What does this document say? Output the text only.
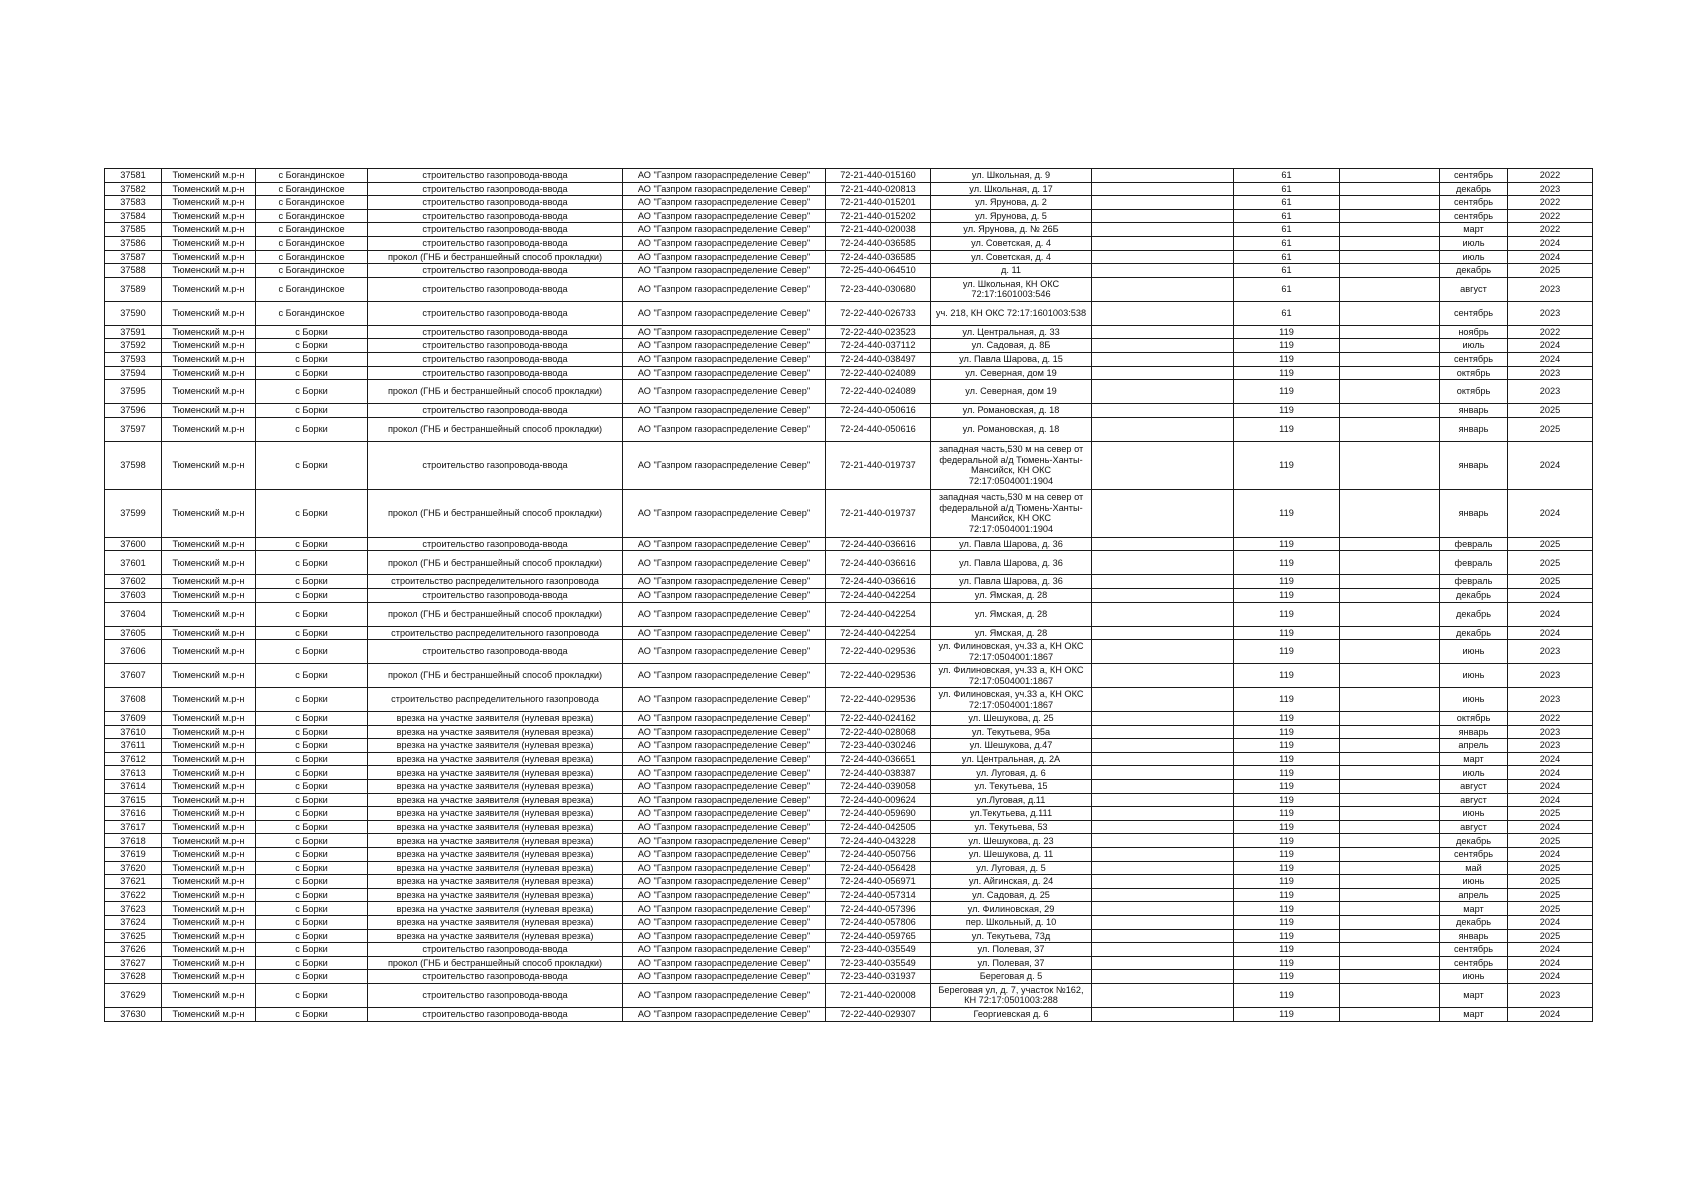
37581	Тюменский м.р-н	с Богандинское	строительство газопровода-ввода	АО "Газпром газораспределение Север"	72-21-440-015160	ул. Школьная, д. 9		61		сентябрь	2022
37582	Тюменский м.р-н	с Богандинское	строительство газопровода-ввода	АО "Газпром газораспределение Север"	72-21-440-020813	ул. Школьная, д. 17		61		декабрь	2023
37583	Тюменский м.р-н	с Богандинское	строительство газопровода-ввода	АО "Газпром газораспределение Север"	72-21-440-015201	ул. Ярунова, д. 2		61		сентябрь	2022
37584	Тюменский м.р-н	с Богандинское	строительство газопровода-ввода	АО "Газпром газораспределение Север"	72-21-440-015202	ул. Ярунова, д. 5		61		сентябрь	2022
37585	Тюменский м.р-н	с Богандинское	строительство газопровода-ввода	АО "Газпром газораспределение Север"	72-21-440-020038	ул. Ярунова, д. № 26Б		61		март	2022
37586	Тюменский м.р-н	с Богандинское	строительство газопровода-ввода	АО "Газпром газораспределение Север"	72-24-440-036585	ул. Советская, д. 4		61		июль	2024
37587	Тюменский м.р-н	с Богандинское	прокол (ГНБ и бестраншейный способ прокладки)	АО "Газпром газораспределение Север"	72-24-440-036585	ул. Советская, д. 4		61		июль	2024
37588	Тюменский м.р-н	с Богандинское	строительство газопровода-ввода	АО "Газпром газораспределение Север"	72-25-440-064510	д. 11		61		декабрь	2025
37589	Тюменский м.р-н	с Богандинское	строительство газопровода-ввода	АО "Газпром газораспределение Север"	72-23-440-030680	ул. Школьная, КН ОКС 72:17:1601003:546		61		август	2023
37590	Тюменский м.р-н	с Богандинское	строительство газопровода-ввода	АО "Газпром газораспределение Север"	72-22-440-026733	уч. 218, КН ОКС 72:17:1601003:538		61		сентябрь	2023
37591	Тюменский м.р-н	с Борки	строительство газопровода-ввода	АО "Газпром газораспределение Север"	72-22-440-023523	ул. Центральная, д. 33		119		ноябрь	2022
37592	Тюменский м.р-н	с Борки	строительство газопровода-ввода	АО "Газпром газораспределение Север"	72-24-440-037112	ул. Садовая, д. 8Б		119		июль	2024
37593	Тюменский м.р-н	с Борки	строительство газопровода-ввода	АО "Газпром газораспределение Север"	72-24-440-038497	ул. Павла Шарова, д. 15		119		сентябрь	2024
37594	Тюменский м.р-н	с Борки	строительство газопровода-ввода	АО "Газпром газораспределение Север"	72-22-440-024089	ул. Северная, дом 19		119		октябрь	2023
37595	Тюменский м.р-н	с Борки	прокол (ГНБ и бестраншейный способ прокладки)	АО "Газпром газораспределение Север"	72-22-440-024089	ул. Северная, дом 19		119		октябрь	2023
37596	Тюменский м.р-н	с Борки	строительство газопровода-ввода	АО "Газпром газораспределение Север"	72-24-440-050616	ул. Романовская, д. 18		119		январь	2025
37597	Тюменский м.р-н	с Борки	прокол (ГНБ и бестраншейный способ прокладки)	АО "Газпром газораспределение Север"	72-24-440-050616	ул. Романовская, д. 18		119		январь	2025
37598	Тюменский м.р-н	с Борки	строительство газопровода-ввода	АО "Газпром газораспределение Север"	72-21-440-019737	западная часть,530 м на север от федеральной а/д Тюмень-Ханты-Мансийск, КН ОКС 72:17:0504001:1904		119		январь	2024
37599	Тюменский м.р-н	с Борки	прокол (ГНБ и бестраншейный способ прокладки)	АО "Газпром газораспределение Север"	72-21-440-019737	западная часть,530 м на север от федеральной а/д Тюмень-Ханты-Мансийск, КН ОКС 72:17:0504001:1904		119		январь	2024
37600	Тюменский м.р-н	с Борки	строительство газопровода-ввода	АО "Газпром газораспределение Север"	72-24-440-036616	ул. Павла Шарова, д. 36		119		февраль	2025
37601	Тюменский м.р-н	с Борки	прокол (ГНБ и бестраншейный способ прокладки)	АО "Газпром газораспределение Север"	72-24-440-036616	ул. Павла Шарова, д. 36		119		февраль	2025
37602	Тюменский м.р-н	с Борки	строительство распределительного газопровода	АО "Газпром газораспределение Север"	72-24-440-036616	ул. Павла Шарова, д. 36		119		февраль	2025
37603	Тюменский м.р-н	с Борки	строительство газопровода-ввода	АО "Газпром газораспределение Север"	72-24-440-042254	ул. Ямская, д. 28		119		декабрь	2024
37604	Тюменский м.р-н	с Борки	прокол (ГНБ и бестраншейный способ прокладки)	АО "Газпром газораспределение Север"	72-24-440-042254	ул. Ямская, д. 28		119		декабрь	2024
37605	Тюменский м.р-н	с Борки	строительство распределительного газопровода	АО "Газпром газораспределение Север"	72-24-440-042254	ул. Ямская, д. 28		119		декабрь	2024
37606	Тюменский м.р-н	с Борки	строительство газопровода-ввода	АО "Газпром газораспределение Север"	72-22-440-029536	ул. Филиновская, уч.33 а, КН ОКС 72:17:0504001:1867		119		июнь	2023
37607	Тюменский м.р-н	с Борки	прокол (ГНБ и бестраншейный способ прокладки)	АО "Газпром газораспределение Север"	72-22-440-029536	ул. Филиновская, уч.33 а, КН ОКС 72:17:0504001:1867		119		июнь	2023
37608	Тюменский м.р-н	с Борки	строительство распределительного газопровода	АО "Газпром газораспределение Север"	72-22-440-029536	ул. Филиновская, уч.33 а, КН ОКС 72:17:0504001:1867		119		июнь	2023
37609	Тюменский м.р-н	с Борки	врезка на участке заявителя (нулевая врезка)	АО "Газпром газораспределение Север"	72-22-440-024162	ул. Шешукова, д. 25		119		октябрь	2022
37610	Тюменский м.р-н	с Борки	врезка на участке заявителя (нулевая врезка)	АО "Газпром газораспределение Север"	72-22-440-028068	ул. Текутьева, 95а		119		январь	2023
37611	Тюменский м.р-н	с Борки	врезка на участке заявителя (нулевая врезка)	АО "Газпром газораспределение Север"	72-23-440-030246	ул. Шешукова, д.47		119		апрель	2023
37612	Тюменский м.р-н	с Борки	врезка на участке заявителя (нулевая врезка)	АО "Газпром газораспределение Север"	72-24-440-036651	ул. Центральная, д. 2А		119		март	2024
37613	Тюменский м.р-н	с Борки	врезка на участке заявителя (нулевая врезка)	АО "Газпром газораспределение Север"	72-24-440-038387	ул. Луговая, д. 6		119		июль	2024
37614	Тюменский м.р-н	с Борки	врезка на участке заявителя (нулевая врезка)	АО "Газпром газораспределение Север"	72-24-440-039058	ул. Текутьева, 15		119		август	2024
37615	Тюменский м.р-н	с Борки	врезка на участке заявителя (нулевая врезка)	АО "Газпром газораспределение Север"	72-24-440-009624	ул.Луговая, д.11		119		август	2024
37616	Тюменский м.р-н	с Борки	врезка на участке заявителя (нулевая врезка)	АО "Газпром газораспределение Север"	72-24-440-059690	ул.Текутьева, д.111		119		июнь	2025
37617	Тюменский м.р-н	с Борки	врезка на участке заявителя (нулевая врезка)	АО "Газпром газораспределение Север"	72-24-440-042505	ул. Текутьева, 53		119		август	2024
37618	Тюменский м.р-н	с Борки	врезка на участке заявителя (нулевая врезка)	АО "Газпром газораспределение Север"	72-24-440-043228	ул. Шешукова, д. 23		119		декабрь	2025
37619	Тюменский м.р-н	с Борки	врезка на участке заявителя (нулевая врезка)	АО "Газпром газораспределение Север"	72-24-440-050756	ул. Шешукова, д. 11		119		сентябрь	2024
37620	Тюменский м.р-н	с Борки	врезка на участке заявителя (нулевая врезка)	АО "Газпром газораспределение Север"	72-24-440-056428	ул. Луговая, д. 5		119		май	2025
37621	Тюменский м.р-н	с Борки	врезка на участке заявителя (нулевая врезка)	АО "Газпром газораспределение Север"	72-24-440-056971	ул. Айгинская, д. 24		119		июнь	2025
37622	Тюменский м.р-н	с Борки	врезка на участке заявителя (нулевая врезка)	АО "Газпром газораспределение Север"	72-24-440-057314	ул. Садовая, д. 25		119		апрель	2025
37623	Тюменский м.р-н	с Борки	врезка на участке заявителя (нулевая врезка)	АО "Газпром газораспределение Север"	72-24-440-057396	ул. Филиновская, 29		119		март	2025
37624	Тюменский м.р-н	с Борки	врезка на участке заявителя (нулевая врезка)	АО "Газпром газораспределение Север"	72-24-440-057806	пер. Школьный, д. 10		119		декабрь	2024
37625	Тюменский м.р-н	с Борки	врезка на участке заявителя (нулевая врезка)	АО "Газпром газораспределение Север"	72-24-440-059765	ул. Текутьева, 73д		119		январь	2025
37626	Тюменский м.р-н	с Борки	строительство газопровода-ввода	АО "Газпром газораспределение Север"	72-23-440-035549	ул. Полевая, 37		119		сентябрь	2024
37627	Тюменский м.р-н	с Борки	прокол (ГНБ и бестраншейный способ прокладки)	АО "Газпром газораспределение Север"	72-23-440-035549	ул. Полевая, 37		119		сентябрь	2024
37628	Тюменский м.р-н	с Борки	строительство газопровода-ввода	АО "Газпром газораспределение Север"	72-23-440-031937	Береговая д. 5		119		июнь	2024
37629	Тюменский м.р-н	с Борки	строительство газопровода-ввода	АО "Газпром газораспределение Север"	72-21-440-020008	Береговая ул, д. 7, участок №162, КН 72:17:0501003:288		119		март	2023
37630	Тюменский м.р-н	с Борки	строительство газопровода-ввода	АО "Газпром газораспределение Север"	72-22-440-029307	Георгиевская д. 6		119		март	2024
